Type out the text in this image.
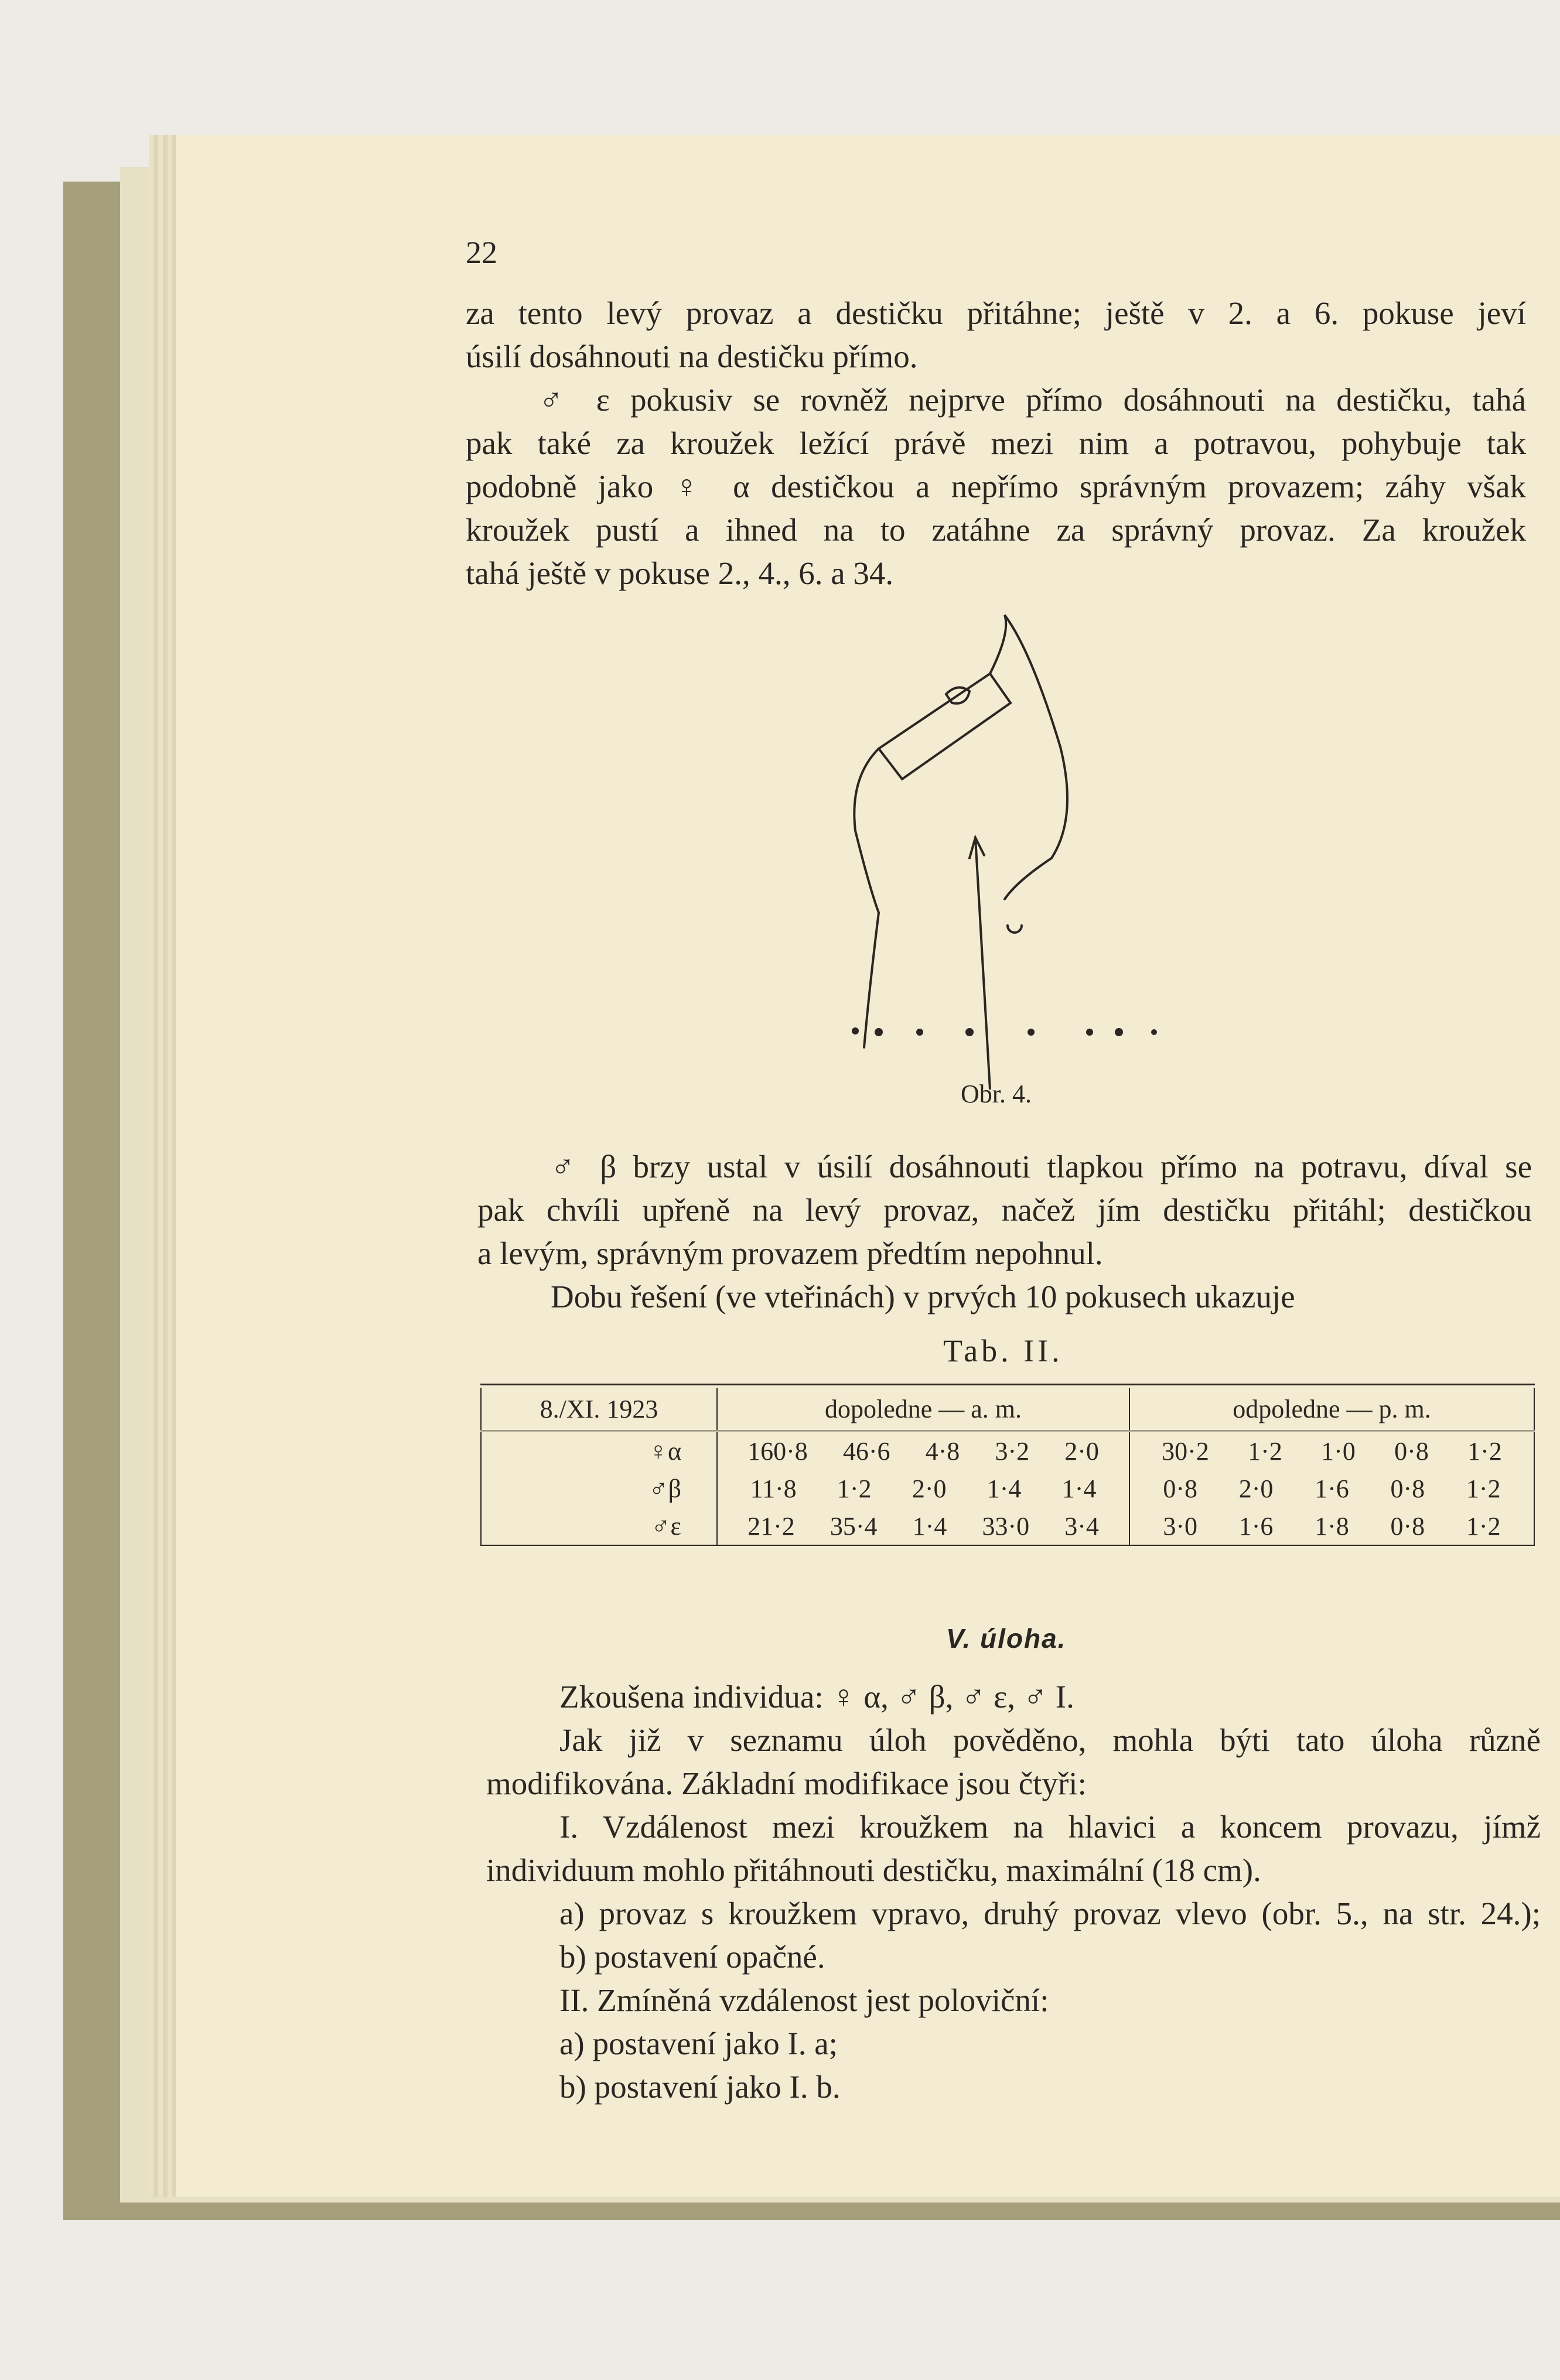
22
za tento levý provaz a destičku přitáhne; ještě v 2. a 6. pokuse jeví
úsilí dosáhnouti na destičku přímo.
♂ ε pokusiv se rovněž nejprve přímo dosáhnouti na destičku, tahá
pak také za kroužek ležící právě mezi nim a potravou, pohybuje tak
podobně jako ♀ α destičkou a nepřímo správným provazem; záhy však
kroužek pustí a ihned na to zatáhne za správný provaz. Za kroužek
tahá ještě v pokuse 2., 4., 6. a 34.
Obr. 4.
♂ β brzy ustal v úsilí dosáhnouti tlapkou přímo na potravu, díval se
pak chvíli upřeně na levý provaz, načež jím destičku přitáhl; destičkou
a levým, správným provazem předtím nepohnul.
Dobu řešení (ve vteřinách) v prvých 10 pokusech ukazuje
Tab. II.
8./XI. 1923	dopoledne — a. m.	odpoledne — p. m.
♀α	160·8 46·6 4·8 3·2 2·0	30·2 1·2 1·0 0·8 1·2

♂β	11·8 1·2 2·0 1·4 1·4	0·8 2·0 1·6 0·8 1·2

♂ε	21·2 35·4 1·4 33·0 3·4	3·0 1·6 1·8 0·8 1·2
V. úloha.
Zkoušena individua: ♀ α, ♂ β, ♂ ε, ♂ I.
Jak již v seznamu úloh pověděno, mohla býti tato úloha různě
modifikována. Základní modifikace jsou čtyři:
I. Vzdálenost mezi kroužkem na hlavici a koncem provazu, jímž
individuum mohlo přitáhnouti destičku, maximální (18 cm).
a) provaz s kroužkem vpravo, druhý provaz vlevo (obr. 5., na str. 24.);
b) postavení opačné.
II. Zmíněná vzdálenost jest poloviční:
a) postavení jako I. a;
b) postavení jako I. b.
